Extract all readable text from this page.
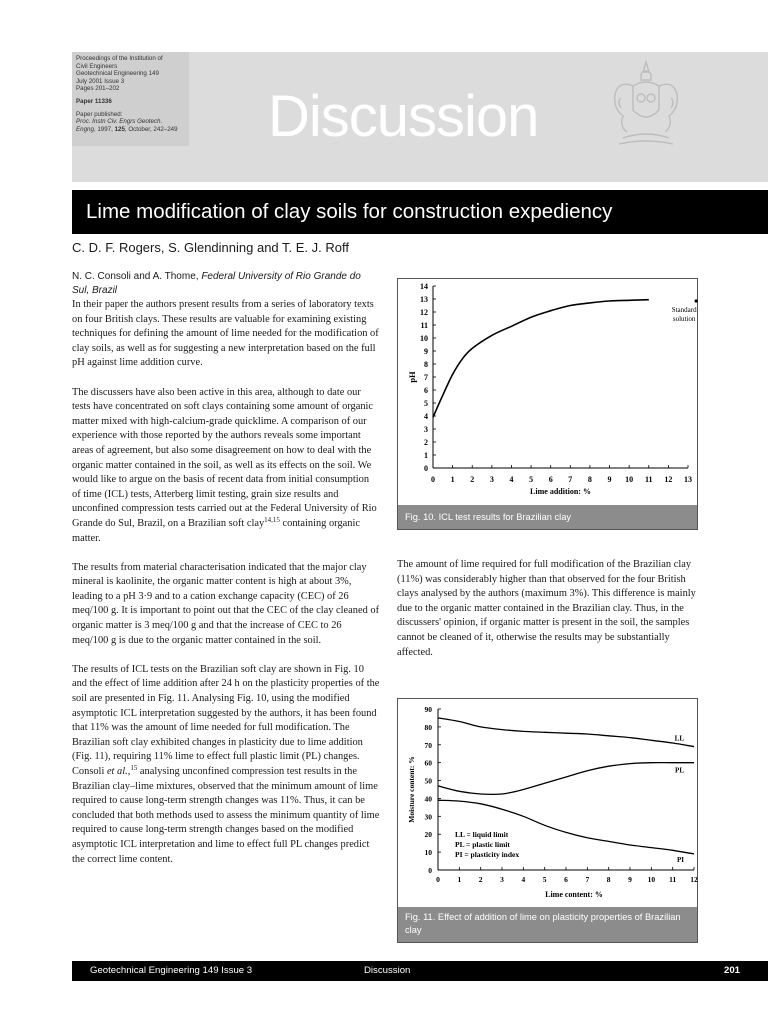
Proceedings of the Institution of
Civil Engineers
Geotechnical Engineering 149
July 2001 Issue 3
Pages 201–202
Paper 11336
Paper published:
Proc. Instn Civ. Engrs Geotech.
Engng, 1997, 125, October, 242–249 Discussion
Lime modification of clay soils for construction expediency
C. D. F. Rogers, S. Glendinning and T. E. J. Roff
N. C. Consoli and A. Thome, Federal University of Rio Grande do Sul, Brazil

In their paper the authors present results from a series of laboratory texts on four British clays. These results are valuable for examining existing techniques for defining the amount of lime needed for the modification of clay soils, as well as for suggesting a new interpretation based on the full pH against lime addition curve.

The discussers have also been active in this area, although to date our tests have concentrated on soft clays containing some amount of organic matter mixed with high-calcium-grade quicklime. A comparison of our experience with those reported by the authors reveals some important areas of agreement, but also some disagreement on how to deal with the organic matter contained in the soil, as well as its effects on the soil. We would like to argue on the basis of recent data from initial consumption of time (ICL) tests, Atterberg limit testing, grain size results and unconfined compression tests carried out at the Federal University of Rio Grande do Sul, Brazil, on a Brazilian soft clay$^{14,15}$ containing organic matter.

The results from material characterisation indicated that the major clay mineral is kaolinite, the organic matter content is high at about 3%, leading to a pH 3·9 and to a cation exchange capacity (CEC) of 26 meq/100 g. It is important to point out that the CEC of the clay cleaned of organic matter is 3 meq/100 g and that the increase of CEC to 26 meq/100 g is due to the organic matter contained in the soil.

The results of ICL tests on the Brazilian soft clay are shown in Fig. 10 and the effect of lime addition after 24 h on the plasticity properties of the soil are presented in Fig. 11. Analysing Fig. 10, using the modified asymptotic ICL interpretation suggested by the authors, it has been found that 11% was the amount of lime needed for full modification. The Brazilian soft clay exhibited changes in plasticity due to lime addition (Fig. 11), requiring 11% lime to effect full plastic limit (PL) changes. Consoli et al.,$^{15}$ analysing unconfined compression test results in the Brazilian clay–lime mixtures, observed that the minimum amount of lime required to cause long-term strength changes was 11%. Thus, it can be concluded that both methods used to assess the minimum quantity of lime required to cause long-term strength changes based on the modified asymptotic ICL interpretation and lime to effect full PL changes predict the correct lime content.

0
1
2
3
4
5
6
7
8
9
10
11
12
13
14
0 1 2 3 4 5 6 7 8 9 10 11 12 13
Lime addition: %
pH
Standard
solution
Fig. 10. ICL test results for Brazilian clay
The amount of lime required for full modification of the Brazilian clay (11%) was considerably higher than that observed for the four British clays analysed by the authors (maximum 3%). This difference is mainly due to the organic matter contained in the Brazilian clay. Thus, in the discussers' opinion, if organic matter is present in the soil, the samples cannot be cleaned of it, otherwise the results may be substantially affected.
0
10
20
30
40
50
60
70
80
90
0 1 2 3 4 5 6 7 8 9 10 11 12
Lime content: %
Moisture content: %
LL
PL
PI
LL = liquid limit
PL = plastic limit
PI = plasticity index
Fig. 11. Effect of addition of lime on plasticity properties of Brazilian clay
Geotechnical Engineering 149 Issue 3	Discussion	201
